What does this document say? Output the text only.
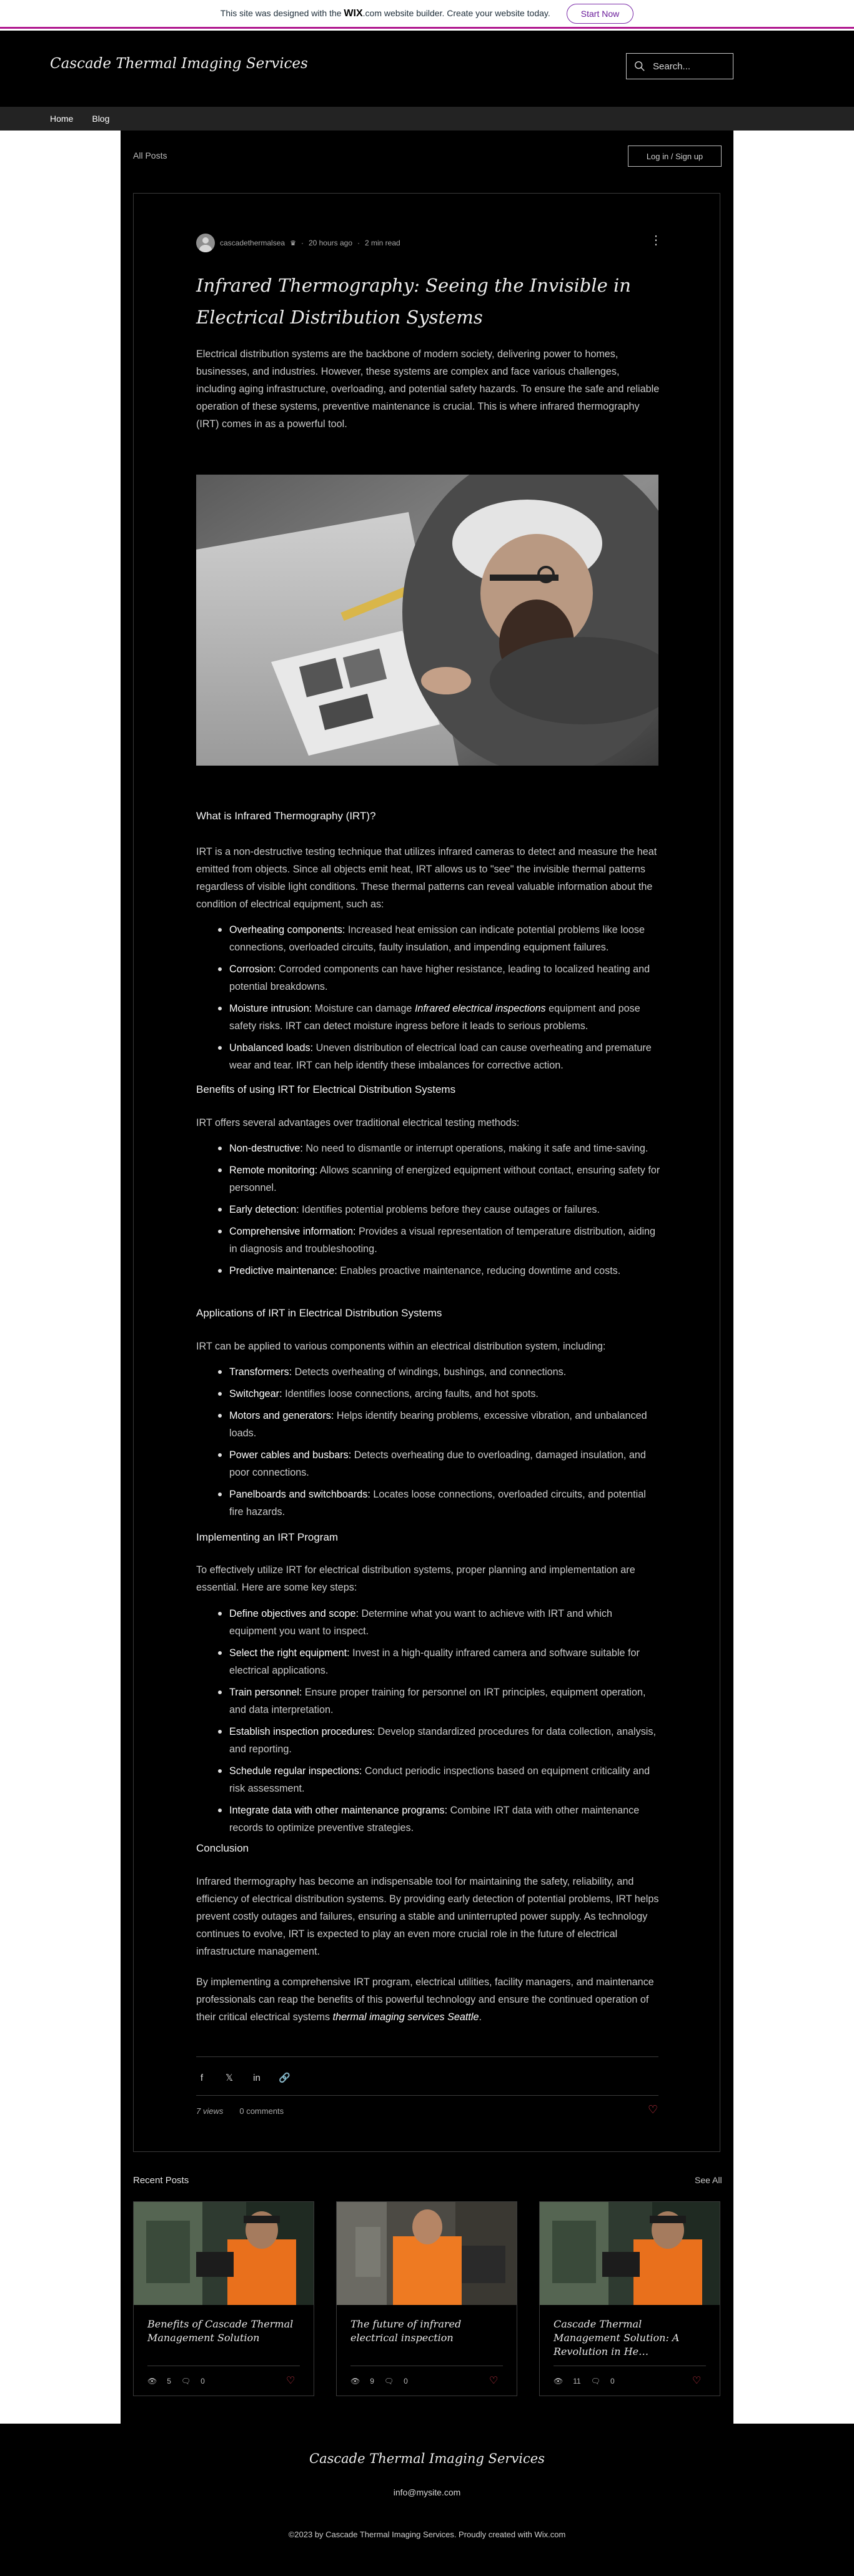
This site was designed with the WIX.com website builder. Create your website today.	Start Now
Cascade Thermal Imaging Services
Search...
Home Blog
All Posts	Log in / Sign up
cascadethermalsea ♛ · 20 hours ago · 2 min read	⋮
Infrared Thermography: Seeing the Invisible in Electrical Distribution Systems

Electrical distribution systems are the backbone of modern society, delivering power to homes, businesses, and industries. However, these systems are complex and face various challenges, including aging infrastructure, overloading, and potential safety hazards. To ensure the safe and reliable operation of these systems, preventive maintenance is crucial. This is where infrared thermography (IRT) comes in as a powerful tool.

What is Infrared Thermography (IRT)?

IRT is a non-destructive testing technique that utilizes infrared cameras to detect and measure the heat emitted from objects. Since all objects emit heat, IRT allows us to "see" the invisible thermal patterns regardless of visible light conditions. These thermal patterns can reveal valuable information about the condition of electrical equipment, such as:

Overheating components: Increased heat emission can indicate potential problems like loose connections, overloaded circuits, faulty insulation, and impending equipment failures.
Corrosion: Corroded components can have higher resistance, leading to localized heating and potential breakdowns.
Moisture intrusion: Moisture can damage Infrared electrical inspections equipment and pose safety risks. IRT can detect moisture ingress before it leads to serious problems.
Unbalanced loads: Uneven distribution of electrical load can cause overheating and premature wear and tear. IRT can help identify these imbalances for corrective action.
Benefits of using IRT for Electrical Distribution Systems

IRT offers several advantages over traditional electrical testing methods:

Non-destructive: No need to dismantle or interrupt operations, making it safe and time-saving.
Remote monitoring: Allows scanning of energized equipment without contact, ensuring safety for personnel.
Early detection: Identifies potential problems before they cause outages or failures.
Comprehensive information: Provides a visual representation of temperature distribution, aiding in diagnosis and troubleshooting.
Predictive maintenance: Enables proactive maintenance, reducing downtime and costs.
Applications of IRT in Electrical Distribution Systems

IRT can be applied to various components within an electrical distribution system, including:

Transformers: Detects overheating of windings, bushings, and connections.
Switchgear: Identifies loose connections, arcing faults, and hot spots.
Motors and generators: Helps identify bearing problems, excessive vibration, and unbalanced loads.
Power cables and busbars: Detects overheating due to overloading, damaged insulation, and poor connections.
Panelboards and switchboards: Locates loose connections, overloaded circuits, and potential fire hazards.
Implementing an IRT Program

To effectively utilize IRT for electrical distribution systems, proper planning and implementation are essential. Here are some key steps:

Define objectives and scope: Determine what you want to achieve with IRT and which equipment you want to inspect.
Select the right equipment: Invest in a high-quality infrared camera and software suitable for electrical applications.
Train personnel: Ensure proper training for personnel on IRT principles, equipment operation, and data interpretation.
Establish inspection procedures: Develop standardized procedures for data collection, analysis, and reporting.
Schedule regular inspections: Conduct periodic inspections based on equipment criticality and risk assessment.
Integrate data with other maintenance programs: Combine IRT data with other maintenance records to optimize preventive strategies.
Conclusion

Infrared thermography has become an indispensable tool for maintaining the safety, reliability, and efficiency of electrical distribution systems. By providing early detection of potential problems, IRT helps prevent costly outages and failures, ensuring a stable and uninterrupted power supply. As technology continues to evolve, IRT is expected to play an even more crucial role in the future of electrical infrastructure management.

By implementing a comprehensive IRT program, electrical utilities, facility managers, and maintenance professionals can reap the benefits of this powerful technology and ensure the continued operation of their critical electrical systems thermal imaging services Seattle.

f	𝕏 in 🔗
7 views 0 comments	♡
Recent Posts	See All
Benefits of Cascade Thermal Management Solution
👁 5 🗨 0	♡
The future of infrared electrical inspection
👁 9 🗨 0	♡
Cascade Thermal Management Solution: A Revolution in He…
👁 11 🗨 0	♡
Cascade Thermal Imaging Services
info@mysite.com
©2023 by Cascade Thermal Imaging Services. Proudly created with Wix.com
